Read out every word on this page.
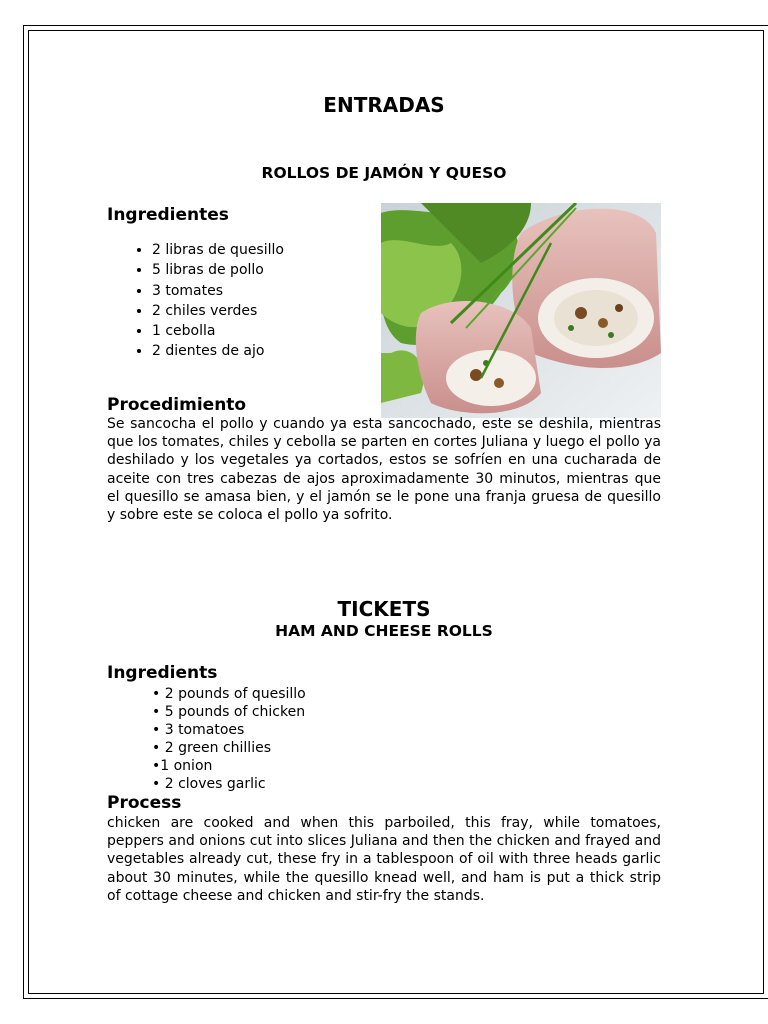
ENTRADAS
ROLLOS DE JAMÓN Y QUESO
Ingredientes
• 2 libras de quesillo
• 5 libras de pollo
• 3 tomates
• 2 chiles verdes
• 1 cebolla
• 2 dientes de ajo
Procedimiento
Se sancocha el pollo y cuando ya esta sancochado, este se deshila, mientras que los tomates, chiles y cebolla se parten en cortes Juliana y luego el pollo ya deshilado y los vegetales ya cortados, estos se sofríen en una cucharada de aceite con tres cabezas de ajos aproximadamente 30 minutos, mientras que el quesillo se amasa bien, y el jamón se le pone una franja gruesa de quesillo y sobre este se coloca el pollo ya sofrito.
TICKETS
HAM AND CHEESE ROLLS
Ingredients
• 2 pounds of quesillo
• 5 pounds of chicken
• 3 tomatoes
• 2 green chillies
•1 onion
• 2 cloves garlic
Process
chicken are cooked and when this parboiled, this fray, while tomatoes, peppers and onions cut into slices Juliana and then the chicken and frayed and vegetables already cut, these fry in a tablespoon of oil with three heads garlic about 30 minutes, while the quesillo knead well, and ham is put a thick strip of cottage cheese and chicken and stir-fry the stands.
